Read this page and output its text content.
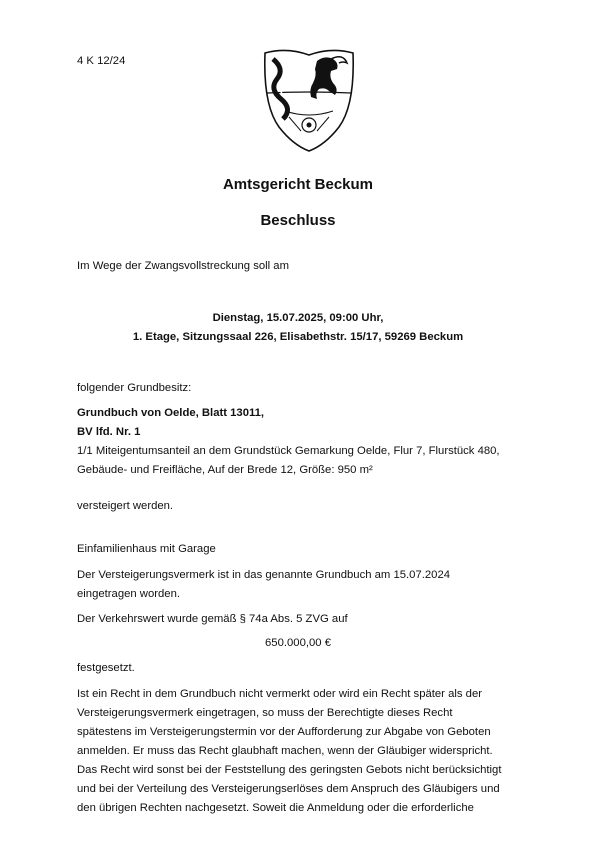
4 K 12/24
Amtsgericht Beckum
Beschluss
Im Wege der Zwangsvollstreckung soll am
Dienstag, 15.07.2025, 09:00 Uhr,
1. Etage, Sitzungssaal 226, Elisabethstr. 15/17, 59269 Beckum
folgender Grundbesitz:
Grundbuch von Oelde, Blatt 13011,
BV lfd. Nr. 1
1/1 Miteigentumsanteil an dem Grundstück Gemarkung Oelde, Flur 7, Flurstück 480,
Gebäude- und Freifläche, Auf der Brede 12, Größe: 950 m²
versteigert werden.
Einfamilienhaus mit Garage
Der Versteigerungsvermerk ist in das genannte Grundbuch am 15.07.2024
eingetragen worden.
Der Verkehrswert wurde gemäß § 74a Abs. 5 ZVG auf
650.000,00 €
festgesetzt.
Ist ein Recht in dem Grundbuch nicht vermerkt oder wird ein Recht später als der
Versteigerungsvermerk eingetragen, so muss der Berechtigte dieses Recht
spätestens im Versteigerungstermin vor der Aufforderung zur Abgabe von Geboten
anmelden. Er muss das Recht glaubhaft machen, wenn der Gläubiger widerspricht.
Das Recht wird sonst bei der Feststellung des geringsten Gebots nicht berücksichtigt
und bei der Verteilung des Versteigerungserlöses dem Anspruch des Gläubigers und
den übrigen Rechten nachgesetzt. Soweit die Anmeldung oder die erforderliche
